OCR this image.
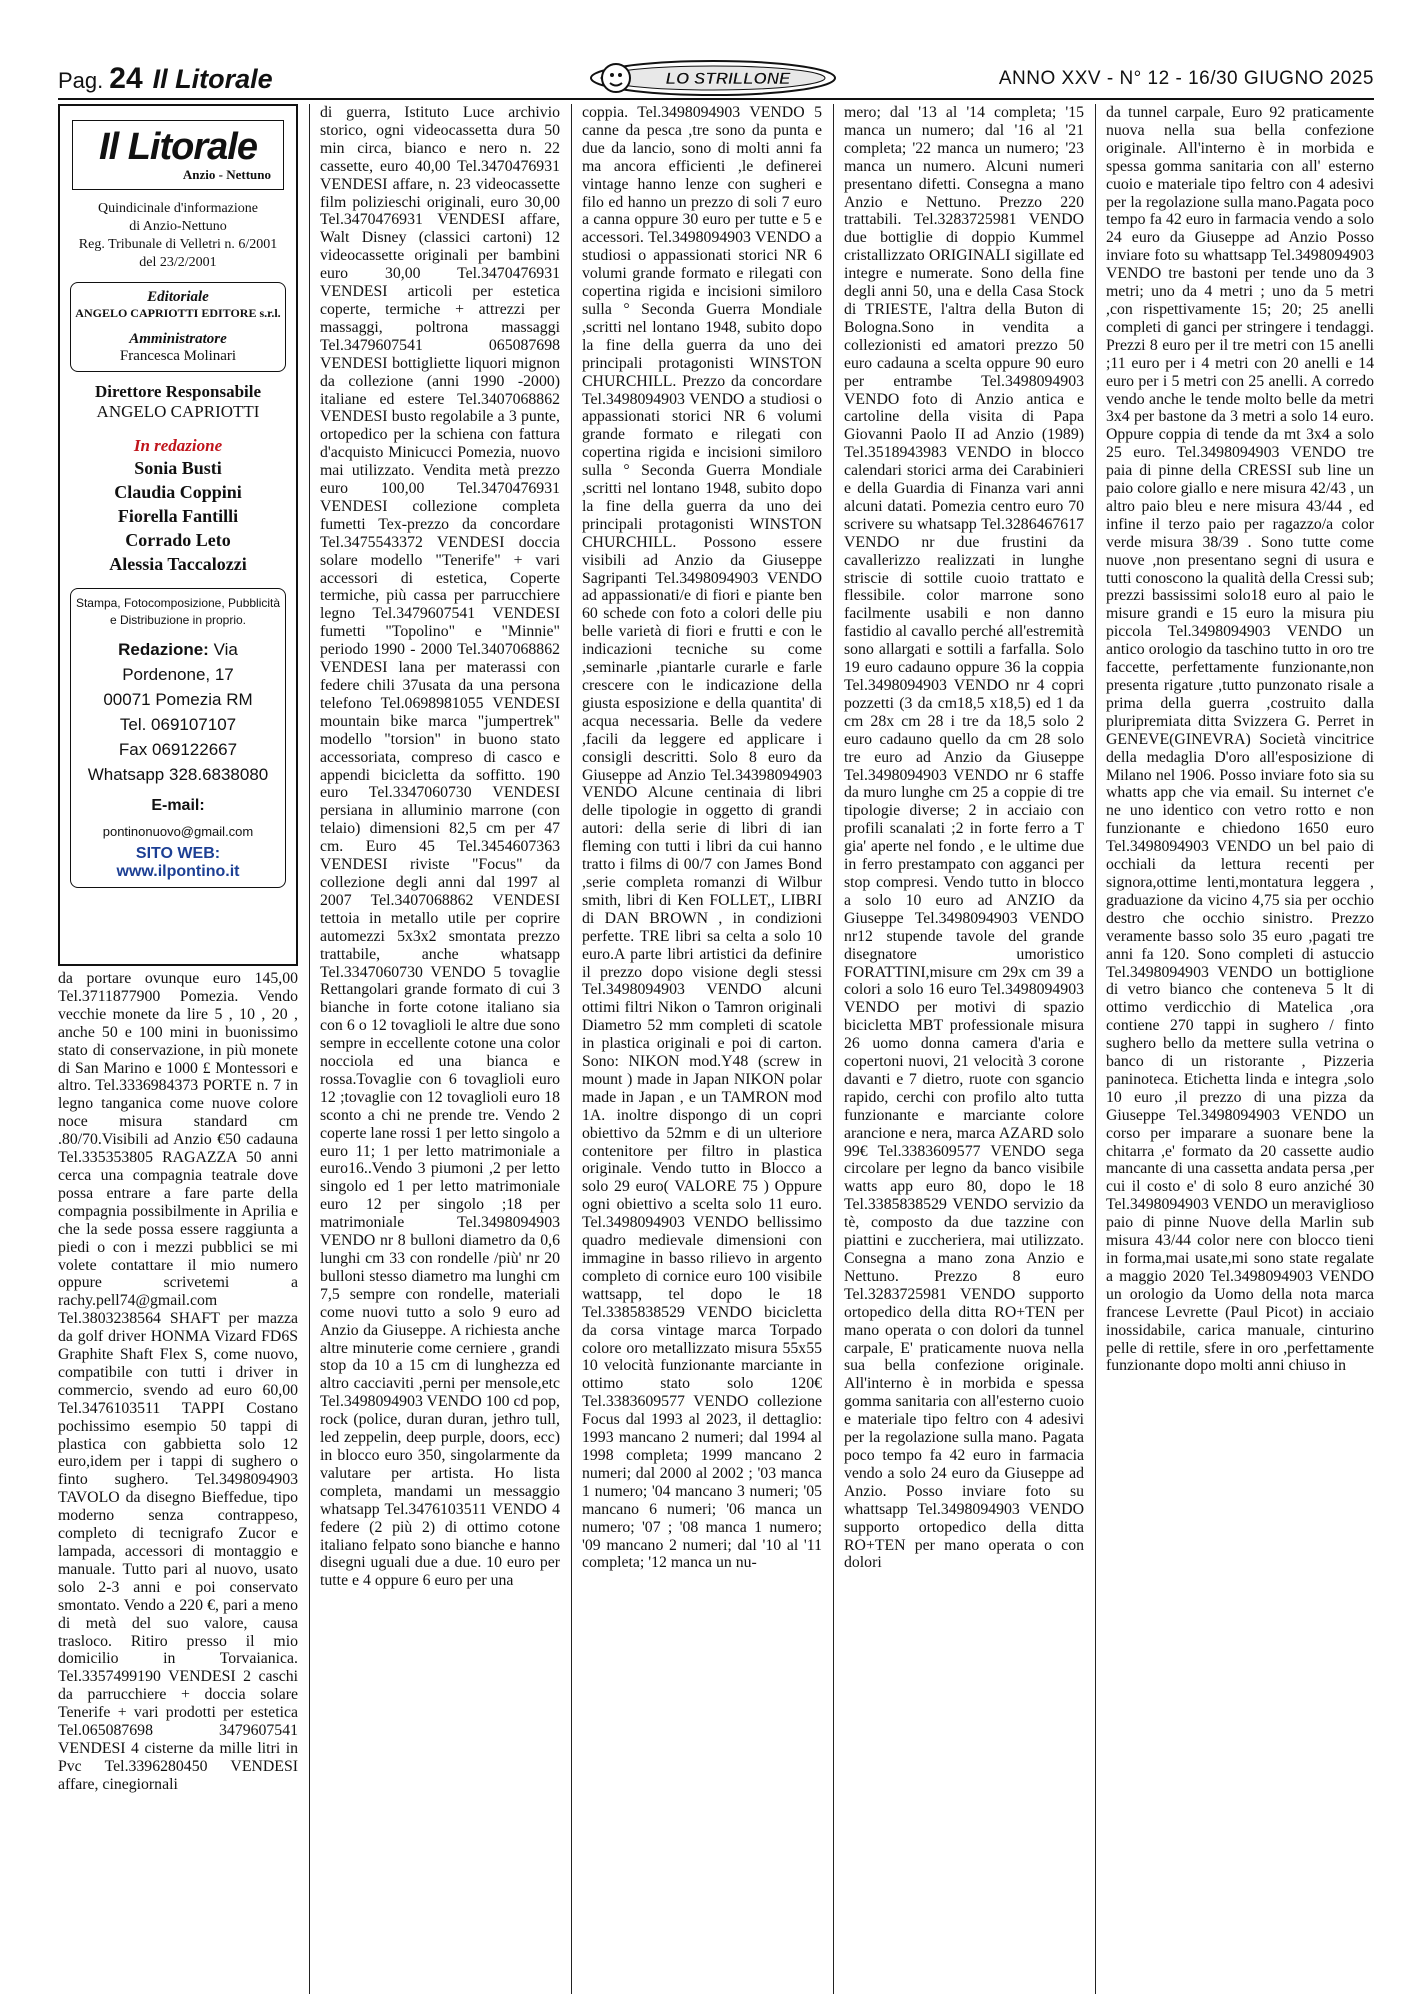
Pag. 24 Il Litorale	LO STRILLONE	ANNO XXV - N° 12 - 16/30 GIUGNO 2025
Il Litorale
Anzio - Nettuno
Quindicinale d'informazione
di Anzio-Nettuno
Reg. Tribunale di Velletri n. 6/2001
del 23/2/2001
Editoriale
ANGELO CAPRIOTTI EDITORE s.r.l.
Amministratore
Francesca Molinari
Direttore Responsabile
ANGELO CAPRIOTTI
In redazione
Sonia Busti
Claudia Coppini
Fiorella Fantilli
Corrado Leto
Alessia Taccalozzi
Stampa, Fotocomposizione, Pubblicità
e Distribuzione in proprio.
Redazione: Via Pordenone, 17
00071 Pomezia RM
Tel. 069107107
Fax 069122667
Whatsapp 328.6838080
E-mail: pontinonuovo@gmail.com
SITO WEB: www.ilpontino.it

da portare ovunque euro 145,00 Tel.3711877900 Pomezia. Vendo vecchie monete da lire 5 , 10 , 20 , anche 50 e 100 mini in buonissimo stato di conservazione, in più monete di San Marino e 1000 £ Montessori e altro. Tel.3336984373 PORTE n. 7 in legno tanganica come nuove colore noce misura standard cm .80/70.Visibili ad Anzio €50 cadauna Tel.335353805 RAGAZZA 50 anni cerca una compagnia teatrale dove possa entrare a fare parte della compagnia possibilmente in Aprilia e che la sede possa essere raggiunta a piedi o con i mezzi pubblici se mi volete contattare il mio numero oppure scrivetemi a rachy.pell74@gmail.com Tel.3803238564 SHAFT per mazza da golf driver HONMA Vizard FD6S Graphite Shaft Flex S, come nuovo, compatibile con tutti i driver in commercio, svendo ad euro 60,00 Tel.3476103511 TAPPI Costano pochissimo esempio 50 tappi di plastica con gabbietta solo 12 euro,idem per i tappi di sughero o finto sughero. Tel.3498094903 TAVOLO da disegno Bieffedue, tipo moderno senza contrappeso, completo di tecnigrafo Zucor e lampada, accessori di montaggio e manuale. Tutto pari al nuovo, usato solo 2-3 anni e poi conservato smontato. Vendo a 220 €, pari a meno di metà del suo valore, causa trasloco. Ritiro presso il mio domicilio in Torvaianica. Tel.3357499190 VENDESI 2 caschi da parrucchiere + doccia solare Tenerife + vari prodotti per estetica Tel.065087698 3479607541 VENDESI 4 cisterne da mille litri in Pvc Tel.3396280450 VENDESI affare, cinegiornali

di guerra, Istituto Luce archivio storico, ogni videocassetta dura 50 min circa, bianco e nero n. 22 cassette, euro 40,00 Tel.3470476931 VENDESI affare, n. 23 videocassette film polizieschi originali, euro 30,00 Tel.3470476931 VENDESI affare, Walt Disney (classici cartoni) 12 videocassette originali per bambini euro 30,00 Tel.3470476931 VENDESI articoli per estetica coperte, termiche + attrezzi per massaggi, poltrona massaggi Tel.3479607541 065087698 VENDESI bottigliette liquori mignon da collezione (anni 1990 -2000) italiane ed estere Tel.3407068862 VENDESI busto regolabile a 3 punte, ortopedico per la schiena con fattura d'acquisto Minicucci Pomezia, nuovo mai utilizzato. Vendita metà prezzo euro 100,00 Tel.3470476931 VENDESI collezione completa fumetti Tex-prezzo da concordare Tel.3475543372 VENDESI doccia solare modello "Tenerife" + vari accessori di estetica, Coperte termiche, più cassa per parrucchiere legno Tel.3479607541 VENDESI fumetti "Topolino" e "Minnie" periodo 1990 - 2000 Tel.3407068862 VENDESI lana per materassi con federe chili 37usata da una persona telefono Tel.0698981055 VENDESI mountain bike marca "jumpertrek" modello "torsion" in buono stato accessoriata, compreso di casco e appendi bicicletta da soffitto. 190 euro Tel.3347060730 VENDESI persiana in alluminio marrone (con telaio) dimensioni 82,5 cm per 47 cm. Euro 45 Tel.3454607363 VENDESI riviste "Focus" da collezione degli anni dal 1997 al 2007 Tel.3407068862 VENDESI tettoia in metallo utile per coprire automezzi 5x3x2 smontata prezzo trattabile, anche whatsapp Tel.3347060730 VENDO 5 tovaglie Rettangolari grande formato di cui 3 bianche in forte cotone italiano sia con 6 o 12 tovaglioli le altre due sono sempre in eccellente cotone una color nocciola ed una bianca e rossa.Tovaglie con 6 tovaglioli euro 12 ;tovaglie con 12 tovaglioli euro 18 sconto a chi ne prende tre. Vendo 2 coperte lane rossi 1 per letto singolo a euro 11; 1 per letto matrimoniale a euro16..Vendo 3 piumoni ,2 per letto singolo ed 1 per letto matrimoniale euro 12 per singolo ;18 per matrimoniale Tel.3498094903 VENDO nr 8 bulloni diametro da 0,6 lunghi cm 33 con rondelle /più' nr 20 bulloni stesso diametro ma lunghi cm 7,5 sempre con rondelle, materiali come nuovi tutto a solo 9 euro ad Anzio da Giuseppe. A richiesta anche altre minuterie come cerniere , grandi stop da 10 a 15 cm di lunghezza ed altro cacciaviti ,perni per mensole,etc Tel.3498094903 VENDO 100 cd pop, rock (police, duran duran, jethro tull, led zeppelin, deep purple, doors, ecc) in blocco euro 350, singolarmente da valutare per artista. Ho lista completa, mandami un messaggio whatsapp Tel.3476103511 VENDO 4 federe (2 più 2) di ottimo cotone italiano felpato sono bianche e hanno disegni uguali due a due. 10 euro per tutte e 4 oppure 6 euro per una

coppia. Tel.3498094903 VENDO 5 canne da pesca ,tre sono da punta e due da lancio, sono di molti anni fa ma ancora efficienti ,le definerei vintage hanno lenze con sugheri e filo ed hanno un prezzo di soli 7 euro a canna oppure 30 euro per tutte e 5 e accessori. Tel.3498094903 VENDO a studiosi o appassionati storici NR 6 volumi grande formato e rilegati con copertina rigida e incisioni similoro sulla ° Seconda Guerra Mondiale ,scritti nel lontano 1948, subito dopo la fine della guerra da uno dei principali protagonisti WINSTON CHURCHILL. Prezzo da concordare Tel.3498094903 VENDO a studiosi o appassionati storici NR 6 volumi grande formato e rilegati con copertina rigida e incisioni similoro sulla ° Seconda Guerra Mondiale ,scritti nel lontano 1948, subito dopo la fine della guerra da uno dei principali protagonisti WINSTON CHURCHILL. Possono essere visibili ad Anzio da Giuseppe Sagripanti Tel.3498094903 VENDO ad appassionati/e di fiori e piante ben 60 schede con foto a colori delle piu belle varietà di fiori e frutti e con le indicazioni tecniche su come ,seminarle ,piantarle curarle e farle crescere con le indicazione della giusta esposizione e della quantita' di acqua necessaria. Belle da vedere ,facili da leggere ed applicare i consigli descritti. Solo 8 euro da Giuseppe ad Anzio Tel.34398094903 VENDO Alcune centinaia di libri delle tipologie in oggetto di grandi autori: della serie di libri di ian fleming con tutti i libri da cui hanno tratto i films di 00/7 con James Bond ,serie completa romanzi di Wilbur smith, libri di Ken FOLLET,, LIBRI di DAN BROWN , in condizioni perfette. TRE libri sa celta a solo 10 euro.A parte libri artistici da definire il prezzo dopo visione degli stessi Tel.3498094903 VENDO alcuni ottimi filtri Nikon o Tamron originali Diametro 52 mm completi di scatole in plastica originali e poi di carton. Sono: NIKON mod.Y48 (screw in mount ) made in Japan NIKON polar made in Japan , e un TAMRON mod 1A. inoltre dispongo di un copri obiettivo da 52mm e di un ulteriore contenitore per filtro in plastica originale. Vendo tutto in Blocco a solo 29 euro( VALORE 75 ) Oppure ogni obiettivo a scelta solo 11 euro. Tel.3498094903 VENDO bellissimo quadro medievale dimensioni con immagine in basso rilievo in argento completo di cornice euro 100 visibile wattsapp, tel dopo le 18 Tel.3385838529 VENDO bicicletta da corsa vintage marca Torpado colore oro metallizzato misura 55x55 10 velocità funzionante marciante in ottimo stato solo 120€ Tel.3383609577 VENDO collezione Focus dal 1993 al 2023, il dettaglio: 1993 mancano 2 numeri; dal 1994 al 1998 completa; 1999 mancano 2 numeri; dal 2000 al 2002 ; '03 manca 1 numero; '04 mancano 3 numeri; '05 mancano 6 numeri; '06 manca un numero; '07 ; '08 manca 1 numero; '09 mancano 2 numeri; dal '10 al '11 completa; '12 manca un nu-

mero; dal '13 al '14 completa; '15 manca un numero; dal '16 al '21 completa; '22 manca un numero; '23 manca un numero. Alcuni numeri presentano difetti. Consegna a mano Anzio e Nettuno. Prezzo 220 trattabili. Tel.3283725981 VENDO due bottiglie di doppio Kummel cristallizzato ORIGINALI sigillate ed integre e numerate. Sono della fine degli anni 50, una e della Casa Stock di TRIESTE, l'altra della Buton di Bologna.Sono in vendita a collezionisti ed amatori prezzo 50 euro cadauna a scelta oppure 90 euro per entrambe Tel.3498094903 VENDO foto di Anzio antica e cartoline della visita di Papa Giovanni Paolo II ad Anzio (1989) Tel.3518943983 VENDO in blocco calendari storici arma dei Carabinieri e della Guardia di Finanza vari anni alcuni datati. Pomezia centro euro 70 scrivere su whatsapp Tel.3286467617 VENDO nr due frustini da cavallerizzo realizzati in lunghe striscie di sottile cuoio trattato e flessibile. color marrone sono facilmente usabili e non danno fastidio al cavallo perché all'estremità sono allargati e sottili a farfalla. Solo 19 euro cadauno oppure 36 la coppia Tel.3498094903 VENDO nr 4 copri pozzetti (3 da cm18,5 x18,5) ed 1 da cm 28x cm 28 i tre da 18,5 solo 2 euro cadauno quello da cm 28 solo tre euro ad Anzio da Giuseppe Tel.3498094903 VENDO nr 6 staffe da muro lunghe cm 25 a coppie di tre tipologie diverse; 2 in acciaio con profili scanalati ;2 in forte ferro a T gia' aperte nel fondo , e le ultime due in ferro prestampato con agganci per stop compresi. Vendo tutto in blocco a solo 10 euro ad ANZIO da Giuseppe Tel.3498094903 VENDO nr12 stupende tavole del grande disegnatore umoristico FORATTINI,misure cm 29x cm 39 a colori a solo 16 euro Tel.3498094903 VENDO per motivi di spazio bicicletta MBT professionale misura 26 uomo donna camera d'aria e copertoni nuovi, 21 velocità 3 corone davanti e 7 dietro, ruote con sgancio rapido, cerchi con profilo alto tutta funzionante e marciante colore arancione e nera, marca AZARD solo 99€ Tel.3383609577 VENDO sega circolare per legno da banco visibile watts app euro 80, dopo le 18 Tel.3385838529 VENDO servizio da tè, composto da due tazzine con piattini e zuccheriera, mai utilizzato. Consegna a mano zona Anzio e Nettuno. Prezzo 8 euro Tel.3283725981 VENDO supporto ortopedico della ditta RO+TEN per mano operata o con dolori da tunnel carpale, E' praticamente nuova nella sua bella confezione originale. All'interno è in morbida e spessa gomma sanitaria con all'esterno cuoio e materiale tipo feltro con 4 adesivi per la regolazione sulla mano. Pagata poco tempo fa 42 euro in farmacia vendo a solo 24 euro da Giuseppe ad Anzio. Posso inviare foto su whattsapp Tel.3498094903 VENDO supporto ortopedico della ditta RO+TEN per mano operata o con dolori

da tunnel carpale, Euro 92 praticamente nuova nella sua bella confezione originale. All'interno è in morbida e spessa gomma sanitaria con all' esterno cuoio e materiale tipo feltro con 4 adesivi per la regolazione sulla mano.Pagata poco tempo fa 42 euro in farmacia vendo a solo 24 euro da Giuseppe ad Anzio Posso inviare foto su whattsapp Tel.3498094903 VENDO tre bastoni per tende uno da 3 metri; uno da 4 metri ; uno da 5 metri ,con rispettivamente 15; 20; 25 anelli completi di ganci per stringere i tendaggi. Prezzi 8 euro per il tre metri con 15 anelli ;11 euro per i 4 metri con 20 anelli e 14 euro per i 5 metri con 25 anelli. A corredo vendo anche le tende molto belle da metri 3x4 per bastone da 3 metri a solo 14 euro. Oppure coppia di tende da mt 3x4 a solo 25 euro. Tel.3498094903 VENDO tre paia di pinne della CRESSI sub line un paio colore giallo e nere misura 42/43 , un altro paio bleu e nere misura 43/44 , ed infine il terzo paio per ragazzo/a color verde misura 38/39 . Sono tutte come nuove ,non presentano segni di usura e tutti conoscono la qualità della Cressi sub; prezzi bassissimi solo18 euro al paio le misure grandi e 15 euro la misura piu piccola Tel.3498094903 VENDO un antico orologio da taschino tutto in oro tre faccette, perfettamente funzionante,non presenta rigature ,tutto punzonato risale a prima della guerra ,costruito dalla pluripremiata ditta Svizzera G. Perret in GENEVE(GINEVRA) Società vincitrice della medaglia D'oro all'esposizione di Milano nel 1906. Posso inviare foto sia su whatts app che via email. Su internet c'e ne uno identico con vetro rotto e non funzionante e chiedono 1650 euro Tel.3498094903 VENDO un bel paio di occhiali da lettura recenti per signora,ottime lenti,montatura leggera , graduazione da vicino 4,75 sia per occhio destro che occhio sinistro. Prezzo veramente basso solo 35 euro ,pagati tre anni fa 120. Sono completi di astuccio Tel.3498094903 VENDO un bottiglione di vetro bianco che conteneva 5 lt di ottimo verdicchio di Matelica ,ora contiene 270 tappi in sughero / finto sughero bello da mettere sulla vetrina o banco di un ristorante , Pizzeria paninoteca. Etichetta linda e integra ,solo 10 euro ,il prezzo di una pizza da Giuseppe Tel.3498094903 VENDO un corso per imparare a suonare bene la chitarra ,e' formato da 20 cassette audio mancante di una cassetta andata persa ,per cui il costo e' di solo 8 euro anziché 30 Tel.3498094903 VENDO un meraviglioso paio di pinne Nuove della Marlin sub misura 43/44 color nere con blocco tieni in forma,mai usate,mi sono state regalate a maggio 2020 Tel.3498094903 VENDO un orologio da Uomo della nota marca francese Levrette (Paul Picot) in acciaio inossidabile, carica manuale, cinturino pelle di rettile, sfere in oro ,perfettamente funzionante dopo molti anni chiuso in
